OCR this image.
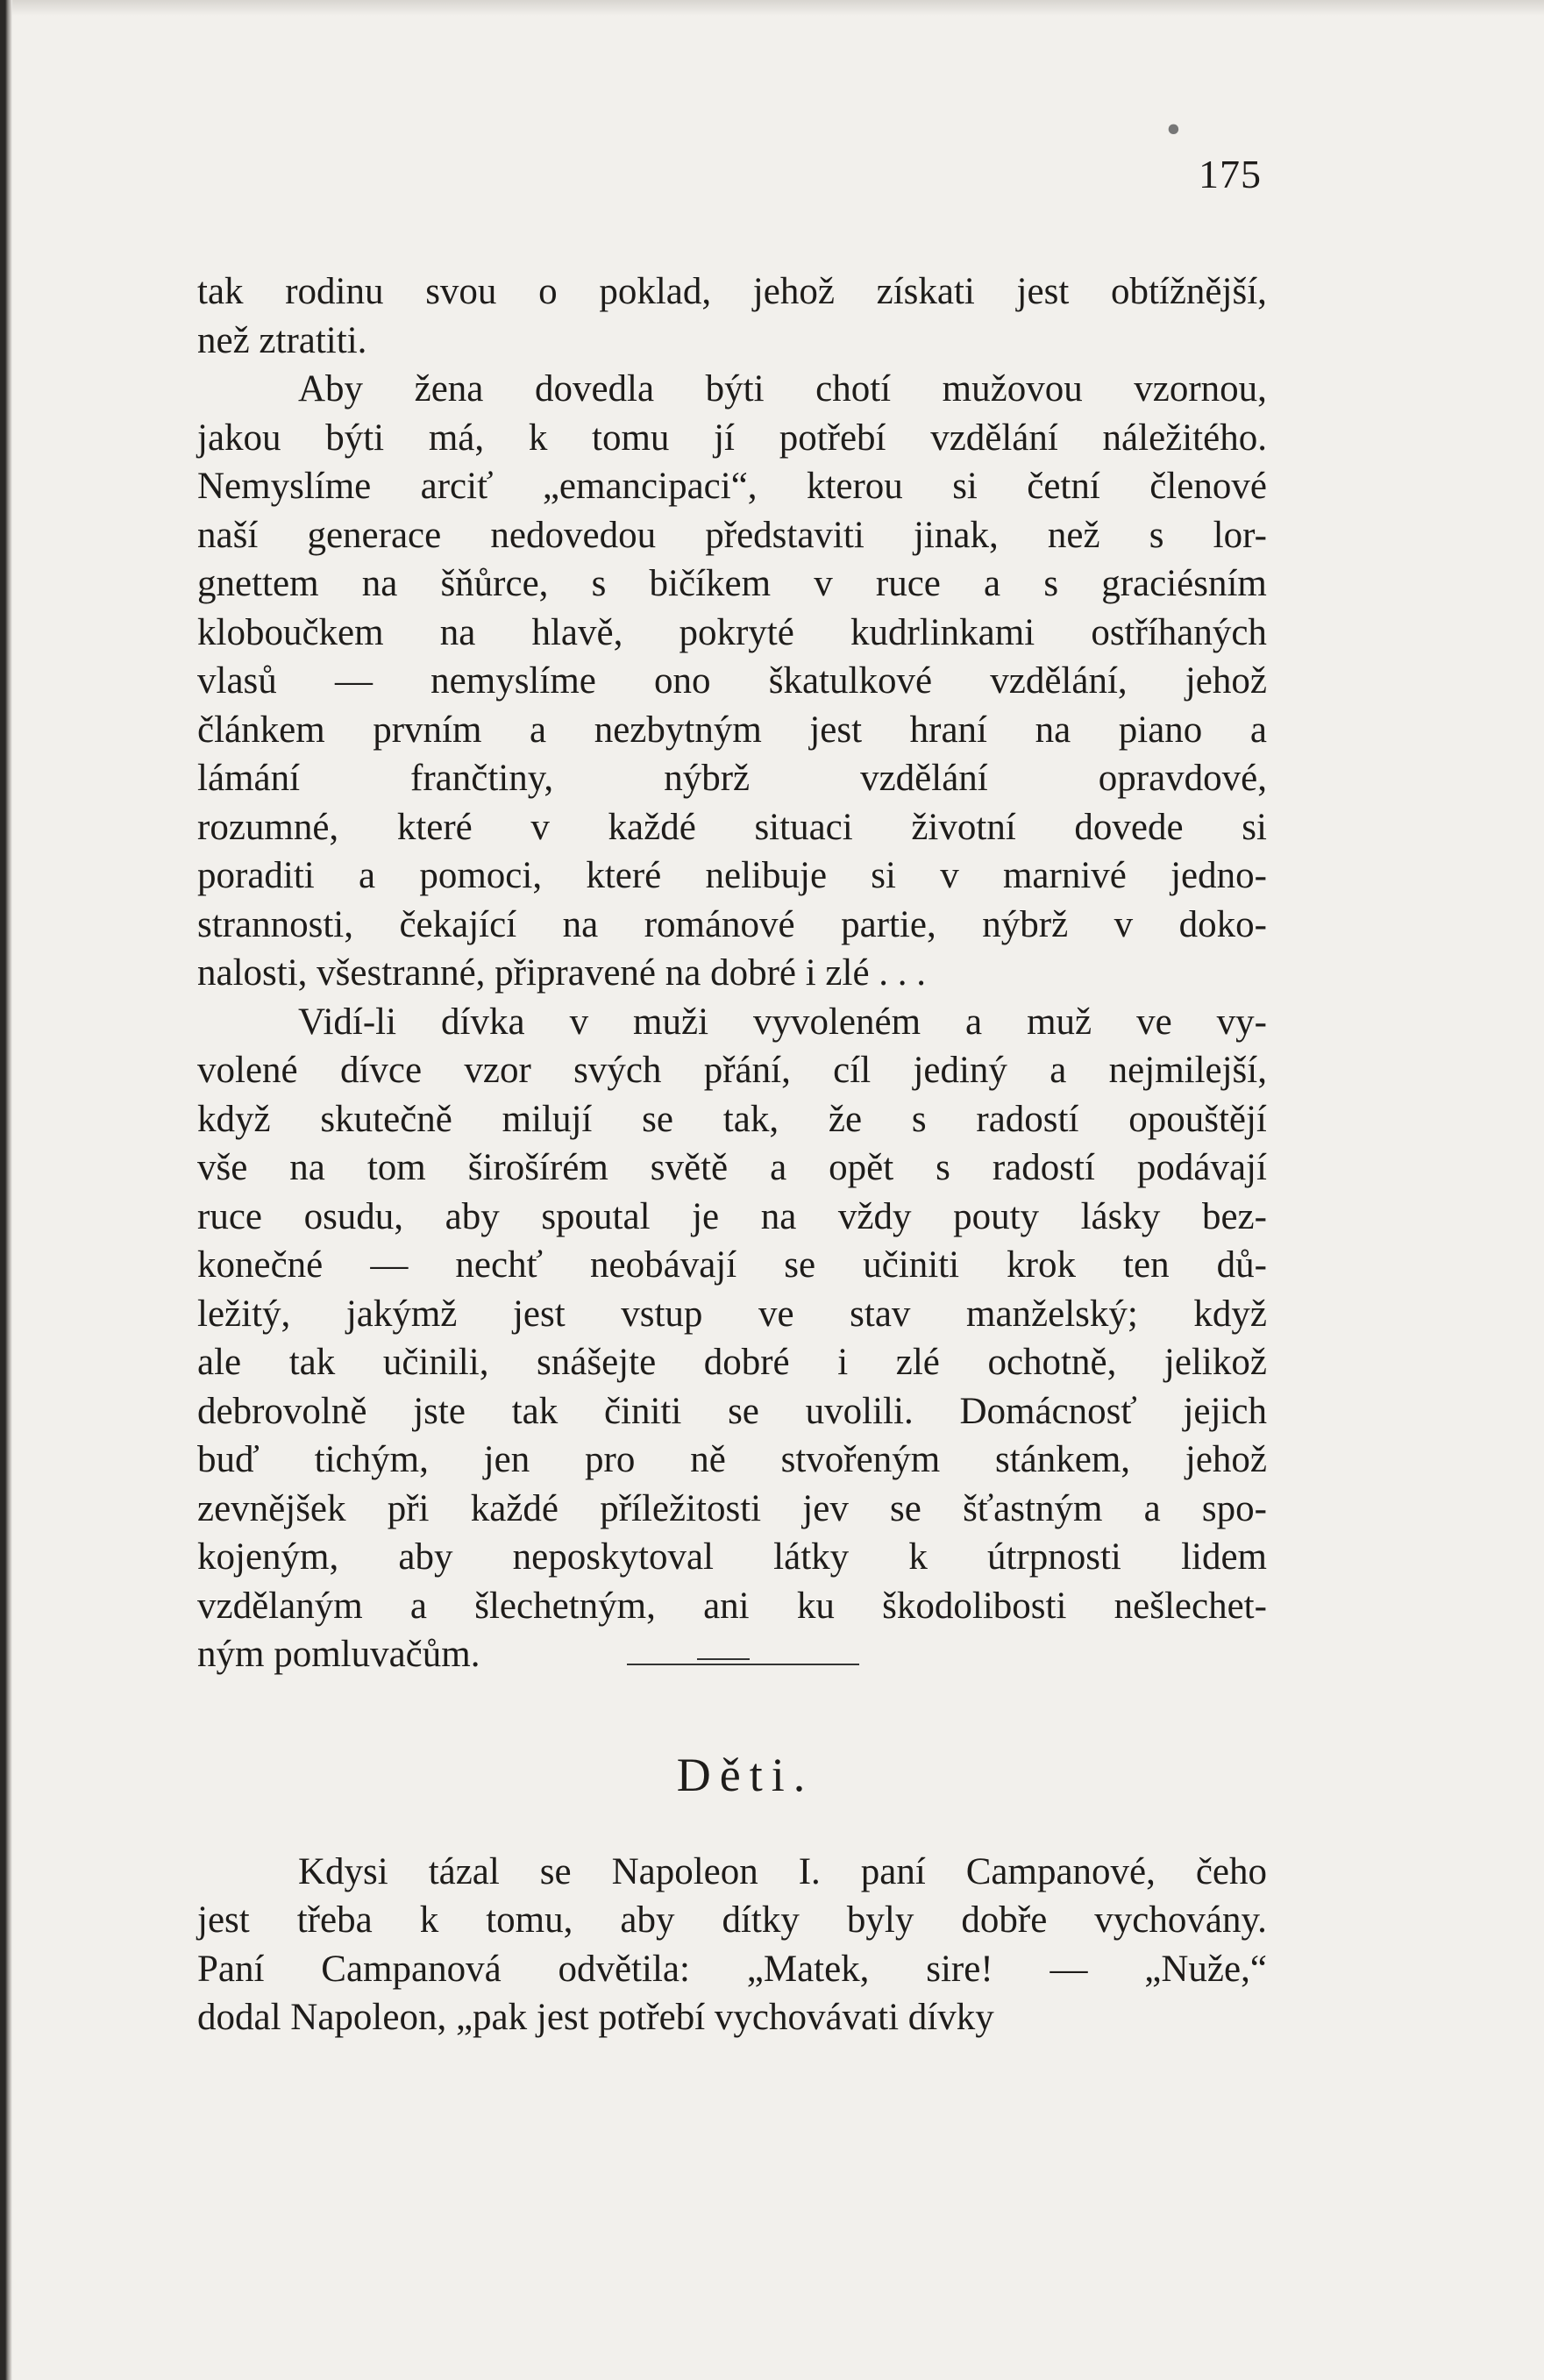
•
175
tak rodinu svou o poklad, jehož získati jest obtížnější,
než ztratiti.
Aby žena dovedla býti chotí mužovou vzornou,
jakou býti má, k tomu jí potřebí vzdělání náležitého.
Nemyslíme arciť „emancipaci“, kterou si četní členové
naší generace nedovedou představiti jinak, než s lor-
gnettem na šňůrce, s bičíkem v ruce a s graciésním
kloboučkem na hlavě, pokryté kudrlinkami ostříhaných
vlasů — nemyslíme ono škatulkové vzdělání, jehož
článkem prvním a nezbytným jest hraní na piano a
lámání	frančtiny,	nýbrž	vzdělání	opravdové,
rozumné, které v každé situaci životní dovede si
poraditi a pomoci, které nelibuje si v marnivé jedno-
strannosti, čekající na románové partie, nýbrž v doko-
nalosti, všestranné, připravené na dobré i zlé . . .
Vidí-li dívka v muži vyvoleném a muž ve vy-
volené dívce vzor svých přání, cíl jediný a nejmilejší,
když skutečně milují se tak, že s radostí opouštějí
vše na tom širošírém světě a opět s radostí podávají
ruce osudu, aby spoutal je na vždy pouty lásky bez-
konečné — nechť neobávají se učiniti krok ten dů-
ležitý, jakýmž jest vstup ve stav manželský; když
ale tak učinili, snášejte dobré i zlé ochotně, jelikož
debrovolně jste tak činiti se uvolili. Domácnosť jejich
buď tichým, jen pro ně stvořeným stánkem, jehož
zevnějšek při každé příležitosti jev se šťastným a spo-
kojeným, aby neposkytoval látky k útrpnosti lidem
vzdělaným a šlechetným, ani ku škodolibosti nešlechet-
ným pomluvačům.
Děti.
Kdysi tázal se Napoleon I. paní Campanové, čeho
jest třeba k tomu, aby dítky byly dobře vychovány.
Paní Campanová odvětila: „Matek, sire! — „Nuže,“
dodal Napoleon, „pak jest potřebí vychovávati dívky
